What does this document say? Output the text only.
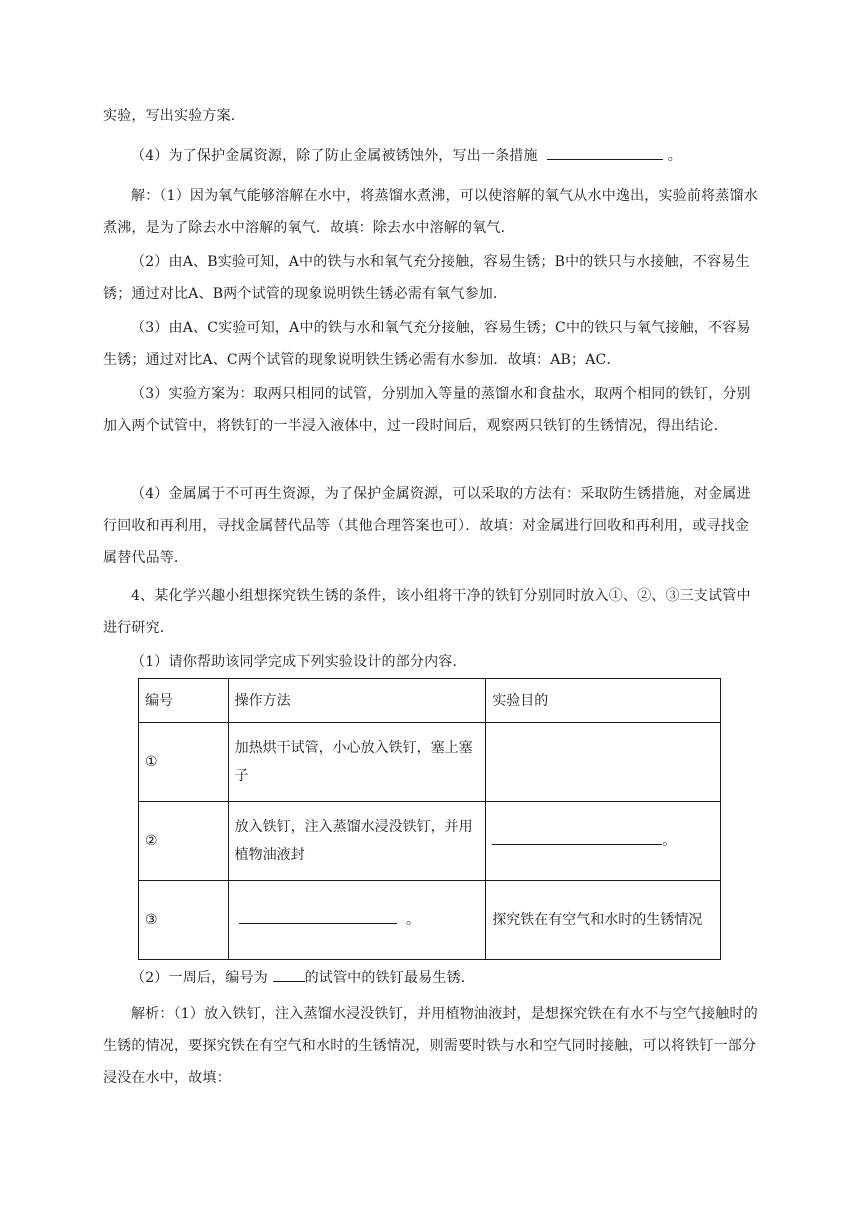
实验，写出实验方案．

（4）为了保护金属资源，除了防止金属被锈蚀外，写出一条措施	。

解：（1）因为氧气能够溶解在水中，将蒸馏水煮沸，可以使溶解的氧气从水中逸出，实验前将蒸馏水煮沸，是为了除去水中溶解的氧气．故填：除去水中溶解的氧气．

（2）由A、B实验可知，A中的铁与水和氧气充分接触，容易生锈；B中的铁只与水接触，不容易生锈；通过对比A、B两个试管的现象说明铁生锈必需有氧气参加．

（3）由A、C实验可知，A中的铁与水和氧气充分接触，容易生锈；C中的铁只与氧气接触，不容易生锈；通过对比A、C两个试管的现象说明铁生锈必需有水参加．故填：AB；AC．

（3）实验方案为：取两只相同的试管，分别加入等量的蒸馏水和食盐水，取两个相同的铁钉，分别加入两个试管中，将铁钉的一半浸入液体中，过一段时间后，观察两只铁钉的生锈情况，得出结论．

（4）金属属于不可再生资源，为了保护金属资源，可以采取的方法有：采取防生锈措施，对金属进行回收和再利用，寻找金属替代品等（其他合理答案也可）．故填：对金属进行回收和再利用，或寻找金属替代品等．

4、某化学兴趣小组想探究铁生锈的条件，该小组将干净的铁钉分别同时放入①、②、③三支试管中进行研究．

（1）请你帮助该同学完成下列实验设计的部分内容．

编号	操作方法	实验目的
①	加热烘干试管，小心放入铁钉，塞上塞子	
②	放入铁钉，注入蒸馏水浸没铁钉，并用植物油液封	。
③	。	探究铁在有空气和水时的生锈情况

（2）一周后，编号为	的试管中的铁钉最易生锈．

解析：（1）放入铁钉，注入蒸馏水浸没铁钉，并用植物油液封，是想探究铁在有水不与空气接触时的生锈的情况，要探究铁在有空气和水时的生锈情况，则需要时铁与水和空气同时接触，可以将铁钉一部分浸没在水中，故填：
